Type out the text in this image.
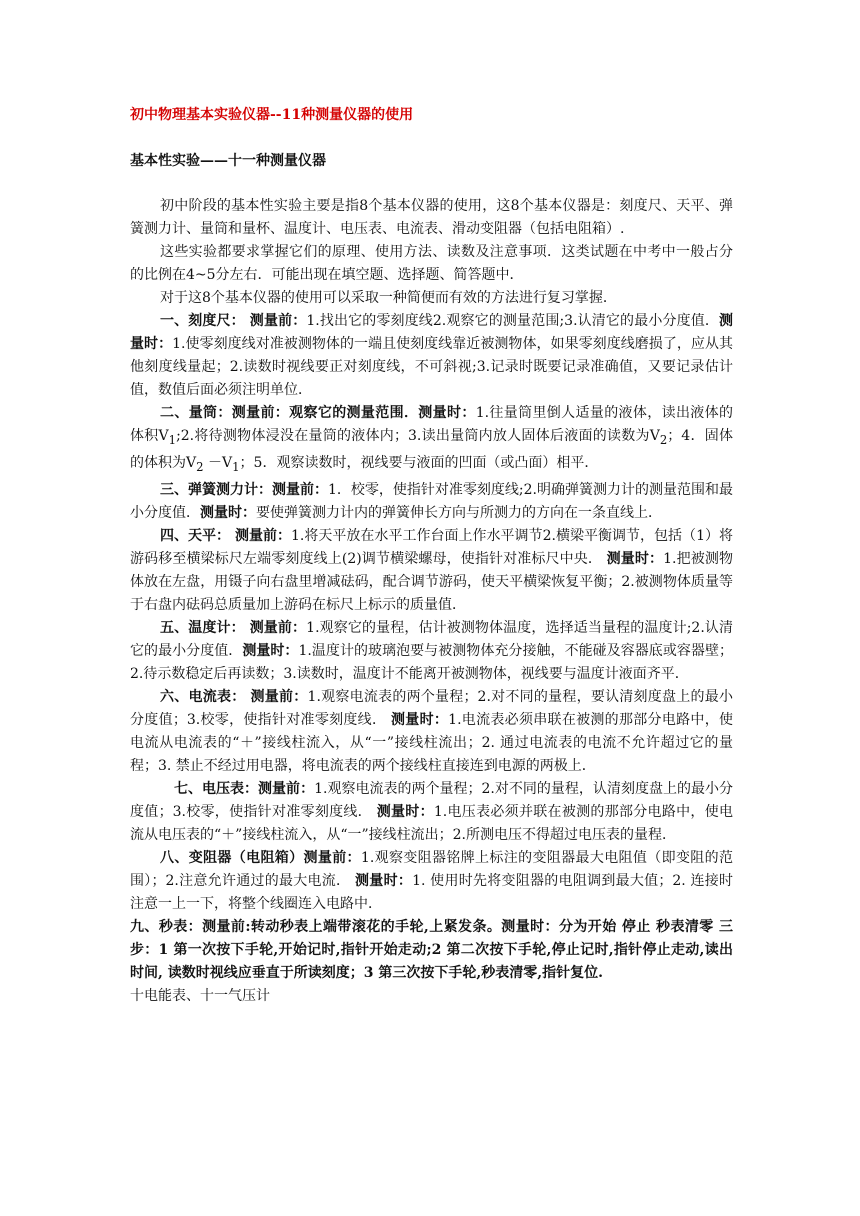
初中物理基本实验仪器--11种测量仪器的使用
基本性实验——十一种测量仪器

初中阶段的基本性实验主要是指8个基本仪器的使用，这8个基本仪器是：刻度尺、天平、弹簧测力计、量筒和量杯、温度计、电压表、电流表、滑动变阻器（包括电阻箱）.

这些实验都要求掌握它们的原理、使用方法、读数及注意事项．这类试题在中考中一般占分的比例在4~5分左右．可能出现在填空题、选择题、简答题中．

对于这8个基本仪器的使用可以采取一种简便而有效的方法进行复习掌握．

一、刻度尺： 测量前：1.找出它的零刻度线2.观察它的测量范围;3.认清它的最小分度值．测量时：1.使零刻度线对准被测物体的一端且使刻度线靠近被测物体，如果零刻度线磨损了，应从其他刻度线量起；2.读数时视线要正对刻度线，不可斜视;3.记录时既要记录准确值，又要记录估计值，数值后面必须注明单位．

二、量筒：测量前：观察它的测量范围．测量时：1.往量筒里倒人适量的液体，读出液体的体积$V_1;2$.将待测物体浸没在量筒的液体内；3.读出量筒内放人固体后液面的读数为$V_2$；4．固体的体积为$V_2 -V_1$；5．观察读数时，视线要与液面的凹面（或凸面）相平．

三、弹簧测力计：测量前：1．校零，使指针对准零刻度线;2.明确弹簧测力计的测量范围和最小分度值．测量时：要使弹簧测力计内的弹簧伸长方向与所测力的方向在一条直线上．

四、天平： 测量前：1.将天平放在水平工作台面上作水平调节2.横梁平衡调节，包括（1）将游码移至横梁标尺左端零刻度线上(2)调节横梁螺母，使指针对准标尺中央． 测量时：1.把被测物体放在左盘，用镊子向右盘里增减砝码，配合调节游码，使天平横梁恢复平衡；2.被测物体质量等于右盘内砝码总质量加上游码在标尺上标示的质量值．

五、温度计： 测量前：1.观察它的量程，估计被测物体温度，选择适当量程的温度计;2.认清它的最小分度值．测量时：1.温度计的玻璃泡要与被测物体充分接触，不能碰及容器底或容器壁；2.待示数稳定后再读数；3.读数时，温度计不能离开被测物体，视线要与温度计液面齐平．

六、电流表： 测量前：1.观察电流表的两个量程；2.对不同的量程，要认清刻度盘上的最小分度值；3.校零，使指针对准零刻度线． 测量时：1.电流表必须串联在被测的那部分电路中，使电流从电流表的“＋”接线柱流入，从“一”接线柱流出；2. 通过电流表的电流不允许超过它的量程；3. 禁止不经过用电器，将电流表的两个接线柱直接连到电源的两极上．

七、电压表：测量前：1.观察电流表的两个量程；2.对不同的量程，认清刻度盘上的最小分度值；3.校零，使指针对准零刻度线． 测量时：1.电压表必须并联在被测的那部分电路中，使电流从电压表的“＋”接线柱流入，从“一”接线柱流出；2.所测电压不得超过电压表的量程．

八、变阻器（电阻箱）测量前：1.观察变阻器铭牌上标注的变阻器最大电阻值（即变阻的范围）；2.注意允许通过的最大电流． 测量时：1. 使用时先将变阻器的电阻调到最大值；2. 连接时注意一上一下，将整个线圈连入电路中．

九、秒表：测量前:转动秒表上端带滚花的手轮,上紧发条。测量时：分为开始 停止 秒表清零 三步：1 第一次按下手轮,开始记时,指针开始走动;2 第二次按下手轮,停止记时,指针停止走动,读出时间, 读数时视线应垂直于所读刻度；3 第三次按下手轮,秒表清零,指针复位.

十电能表、十一气压计
